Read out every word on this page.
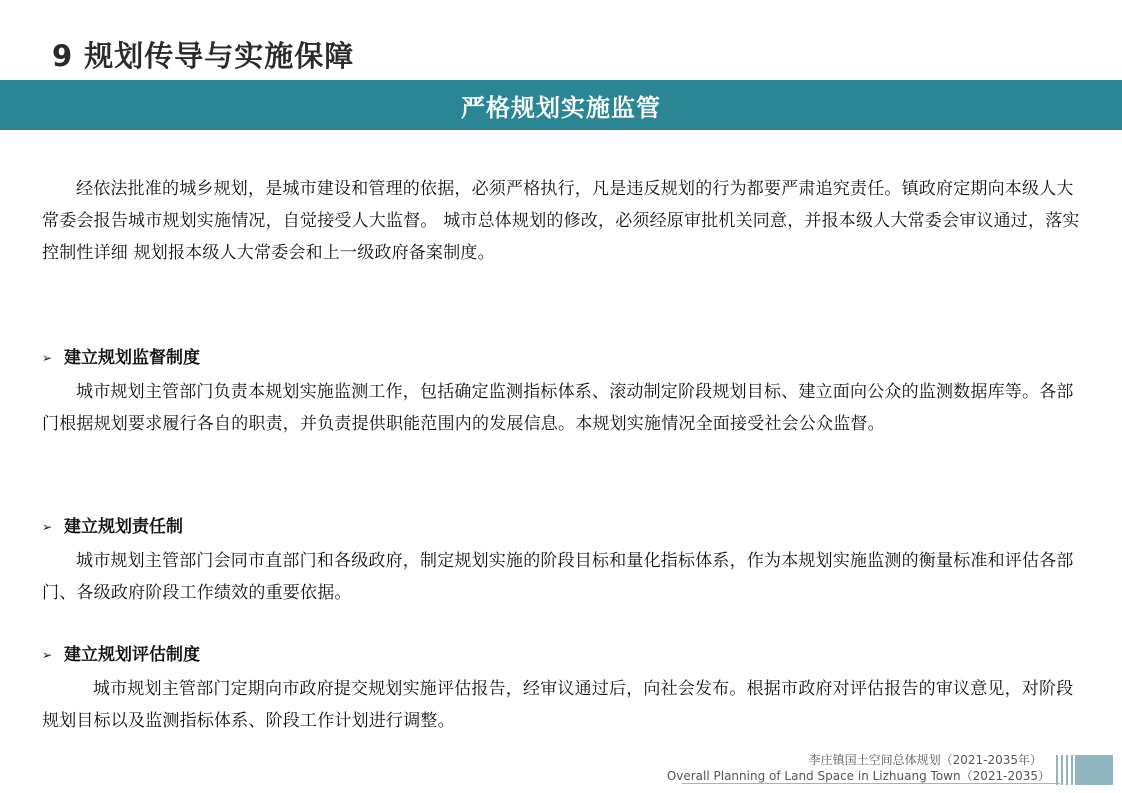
9 规划传导与实施保障
严格规划实施监管

经依法批准的城乡规划，是城市建设和管理的依据，必须严格执行，凡是违反规划的行为都要严肃追究责任。镇政府定期向本级人大常委会报告城市规划实施情况，自觉接受人大监督。 城市总体规划的修改，必须经原审批机关同意，并报本级人大常委会审议通过，落实控制性详细 规划报本级人大常委会和上一级政府备案制度。

➢ 建立规划监督制度

城市规划主管部门负责本规划实施监测工作，包括确定监测指标体系、滚动制定阶段规划目标、建立面向公众的监测数据库等。各部门根据规划要求履行各自的职责，并负责提供职能范围内的发展信息。本规划实施情况全面接受社会公众监督。

➢ 建立规划责任制

城市规划主管部门会同市直部门和各级政府，制定规划实施的阶段目标和量化指标体系，作为本规划实施监测的衡量标准和评估各部门、各级政府阶段工作绩效的重要依据。

➢ 建立规划评估制度

城市规划主管部门定期向市政府提交规划实施评估报告，经审议通过后，向社会发布。根据市政府对评估报告的审议意见，对阶段规划目标以及监测指标体系、阶段工作计划进行调整。

李庄镇国土空间总体规划（2021-2035年）
Overall Planning of Land Space in Lizhuang Town（2021-2035）
